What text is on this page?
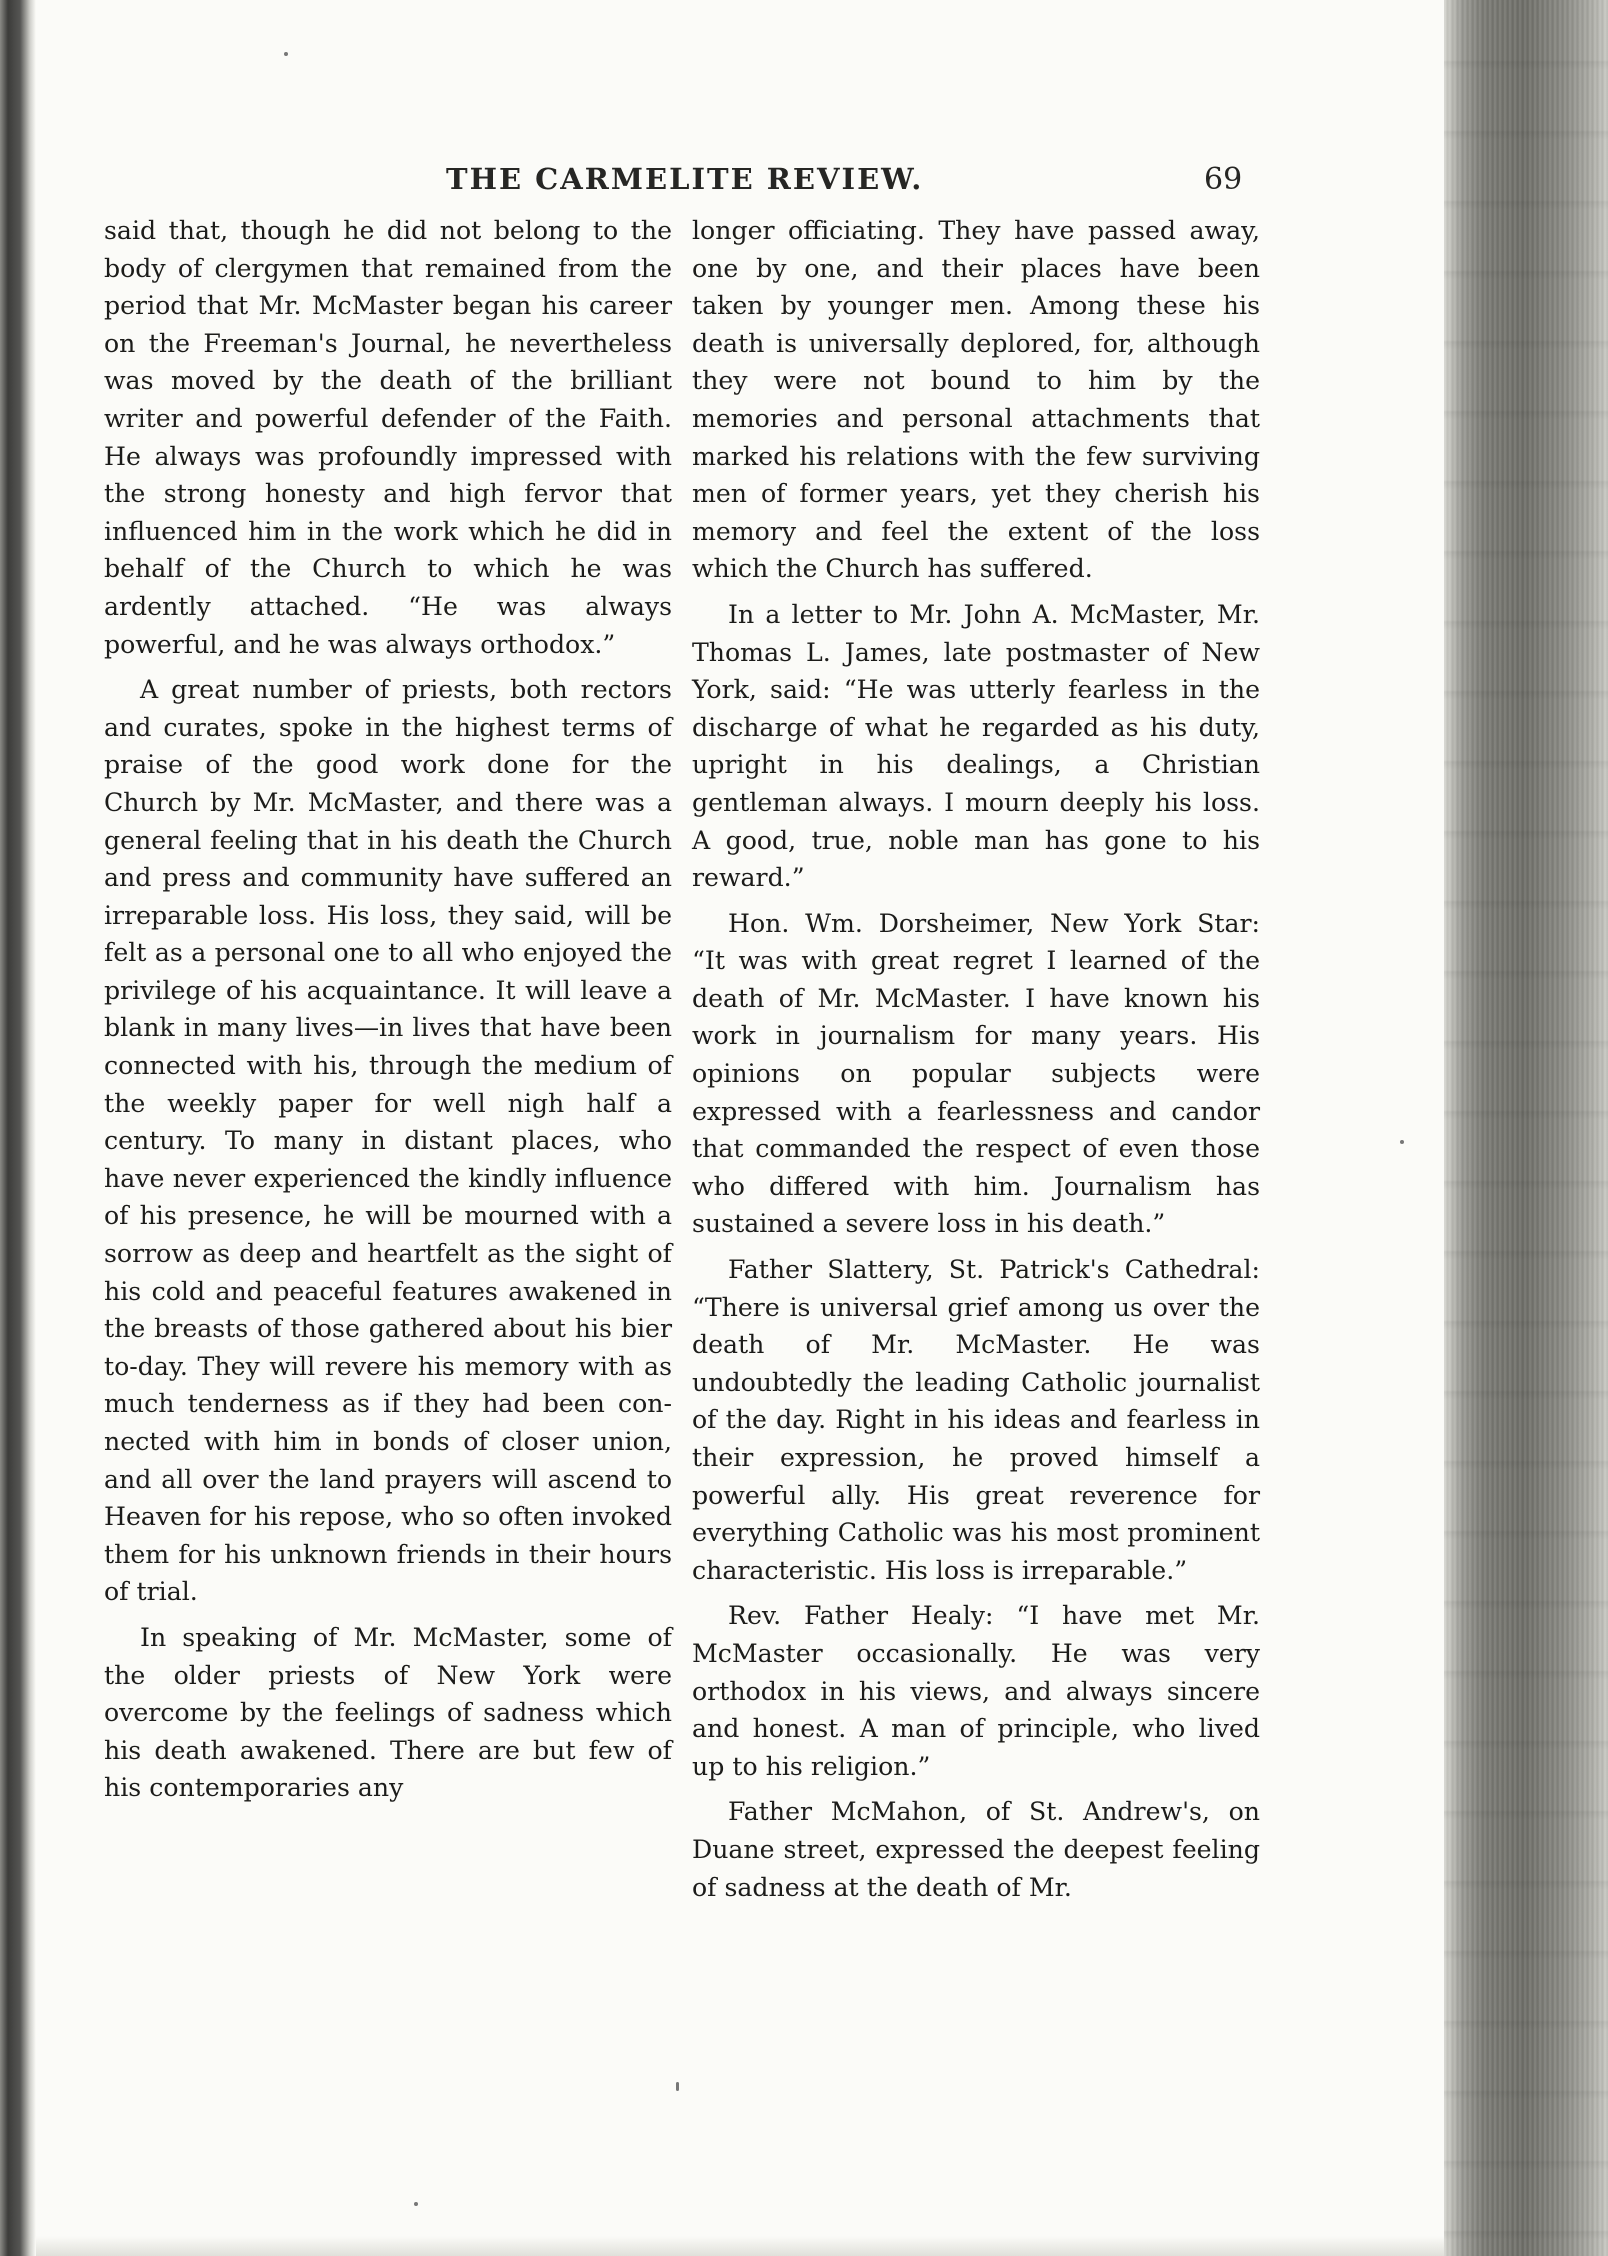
THE CARMELITE REVIEW.	69

said that, though he did not belong to the body of clergymen that remained from the period that Mr. McMaster began his career on the Freeman's Journal, he nevertheless was moved by the death of the brilliant writer and powerful defender of the Faith. He always was profoundly impressed with the strong honesty and high fervor that influenced him in the work which he did in behalf of the Church to which he was ardently attached. “He was always powerful, and he was always orthodox.”

A great number of priests, both rectors and curates, spoke in the highest terms of praise of the good work done for the Church by Mr. McMaster, and there was a general feeling that in his death the Church and press and community have suffered an irreparable loss. His loss, they said, will be felt as a personal one to all who enjoyed the privilege of his acquaintance. It will leave a blank in many lives—in lives that have been connected with his, through the medium of the weekly paper for well nigh half a century. To many in distant places, who have never experienced the kindly influence of his presence, he will be mourned with a sorrow as deep and heartfelt as the sight of his cold and peaceful features awakened in the breasts of those gathered about his bier to-day. They will revere his memory with as much tenderness as if they had been connected with him in bonds of closer union, and all over the land prayers will ascend to Heaven for his repose, who so often invoked them for his unknown friends in their hours of trial.

In speaking of Mr. McMaster, some of the older priests of New York were overcome by the feelings of sadness which his death awakened. There are but few of his contemporaries any

longer officiating. They have passed away, one by one, and their places have been taken by younger men. Among these his death is universally deplored, for, although they were not bound to him by the memories and personal attachments that marked his relations with the few surviving men of former years, yet they cherish his memory and feel the extent of the loss which the Church has suffered.

In a letter to Mr. John A. McMaster, Mr. Thomas L. James, late postmaster of New York, said: “He was utterly fearless in the discharge of what he regarded as his duty, upright in his dealings, a Christian gentleman always. I mourn deeply his loss. A good, true, noble man has gone to his reward.”

Hon. Wm. Dorsheimer, New York Star: “It was with great regret I learned of the death of Mr. McMaster. I have known his work in journalism for many years. His opinions on popular subjects were expressed with a fearlessness and candor that commanded the respect of even those who differed with him. Journalism has sustained a severe loss in his death.”

Father Slattery, St. Patrick's Cathedral: “There is universal grief among us over the death of Mr. McMaster. He was undoubtedly the leading Catholic journalist of the day. Right in his ideas and fearless in their expression, he proved himself a powerful ally. His great reverence for everything Catholic was his most prominent characteristic. His loss is irreparable.”

Rev. Father Healy: “I have met Mr. McMaster occasionally. He was very orthodox in his views, and always sincere and honest. A man of principle, who lived up to his religion.”

Father McMahon, of St. Andrew's, on Duane street, expressed the deepest feeling of sadness at the death of Mr.
